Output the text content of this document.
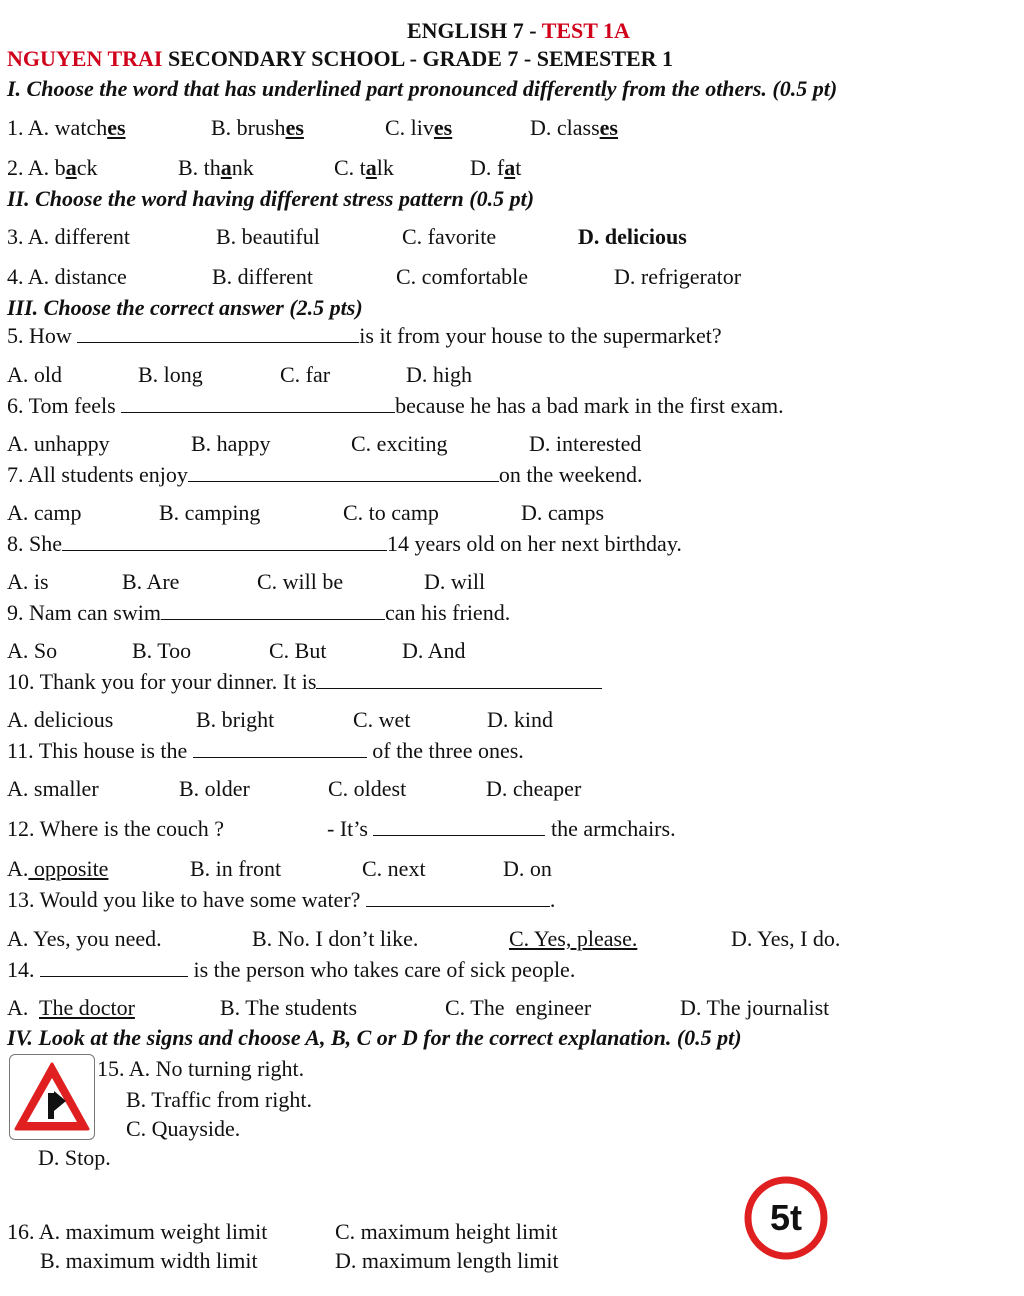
ENGLISH 7 - TEST 1A
NGUYEN TRAI SECONDARY SCHOOL - GRADE 7 - SEMESTER 1
I. Choose the word that has underlined part pronounced differently from the others. (0.5 pt)
1. A. watches	B. brushes	C. lives	D. classes
2. A. back	B. thank	C. talk	D. fat
II. Choose the word having different stress pattern (0.5 pt)
3. A. different	B. beautiful	C. favorite	D. delicious
4. A. distance	B. different	C. comfortable	D. refrigerator
III. Choose the correct answer (2.5 pts)
5. How	is it from your house to the supermarket?
A. old	B. long	C. far	D. high
6. Tom feels	because he has a bad mark in the first exam.
A. unhappy	B. happy	C. exciting	D. interested
7. All students enjoy	on the weekend.
A. camp	B. camping	C. to camp	D. camps
8. She	14 years old on her next birthday.
A. is	B. Are	C. will be	D. will
9. Nam can swim	can his friend.
A. So	B. Too	C. But	D. And
10. Thank you for your dinner. It is
A. delicious	B. bright	C. wet	D. kind
11. This house is the	of the three ones.
A. smaller	B. older	C. oldest	D. cheaper
12. Where is the couch ?	- It’s	the armchairs.
A. opposite	B. in front	C. next	D. on
13. Would you like to have some water?	.
A. Yes, you need.	B. No. I don’t like.	C. Yes, please.	D. Yes, I do.
14.	is the person who takes care of sick people.
A.  The doctor	B. The students	C. The  engineer	D. The journalist
IV. Look at the signs and choose A, B, C or D for the correct explanation. (0.5 pt)
15. A. No turning right.
B. Traffic from right.
C. Quayside.
D. Stop.
16. A. maximum weight limit	C. maximum height limit
B. maximum width limit	D. maximum length limit
5t
